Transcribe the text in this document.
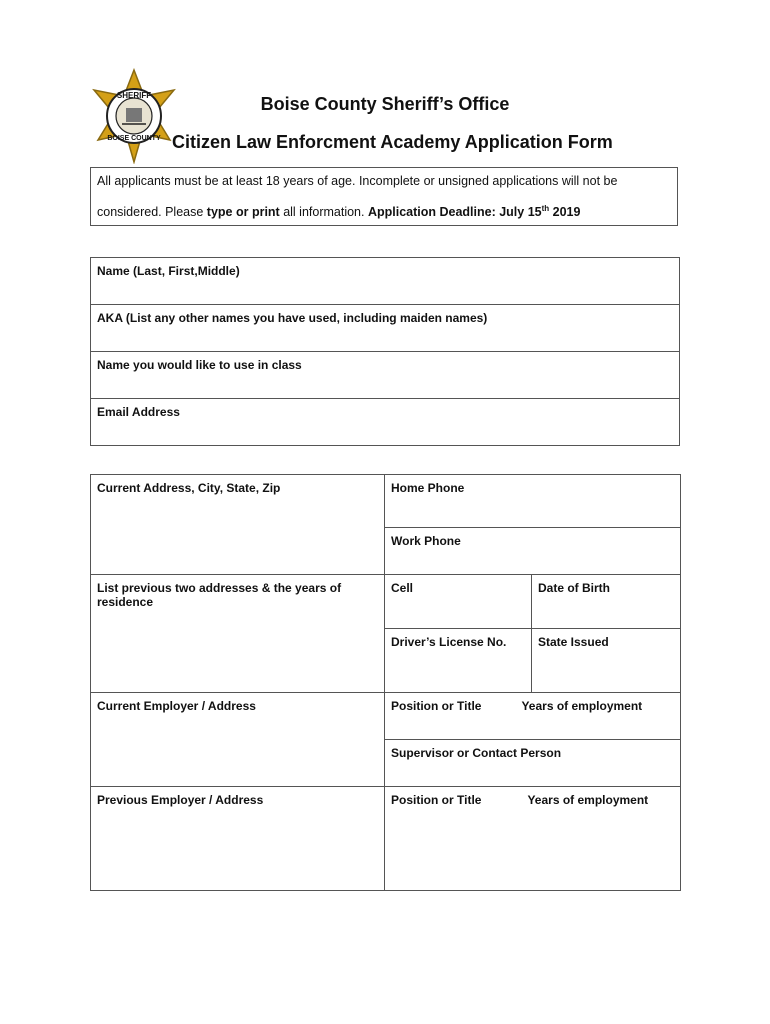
SHERIFF
BOISE COUNTY
Boise County Sheriff’s Office
Citizen Law Enforcment Academy Application Form
All applicants must be at least 18 years of age. Incomplete or unsigned applications will not be
considered. Please type or print all information. Application Deadline: July 15th 2019
Name (Last, First,Middle)
AKA (List any other names you have used, including maiden names)
Name you would like to use in class
Email Address
Current Address, City, State, Zip	Home Phone	
	Work Phone	
List previous two addresses & the years of residence	Cell	Date of Birth
	Driver’s License No.	State Issued
Current Employer / Address	Position or Title Years of employment	
	Supervisor or Contact Person	
Previous Employer / Address	Position or Title Years of employment	
